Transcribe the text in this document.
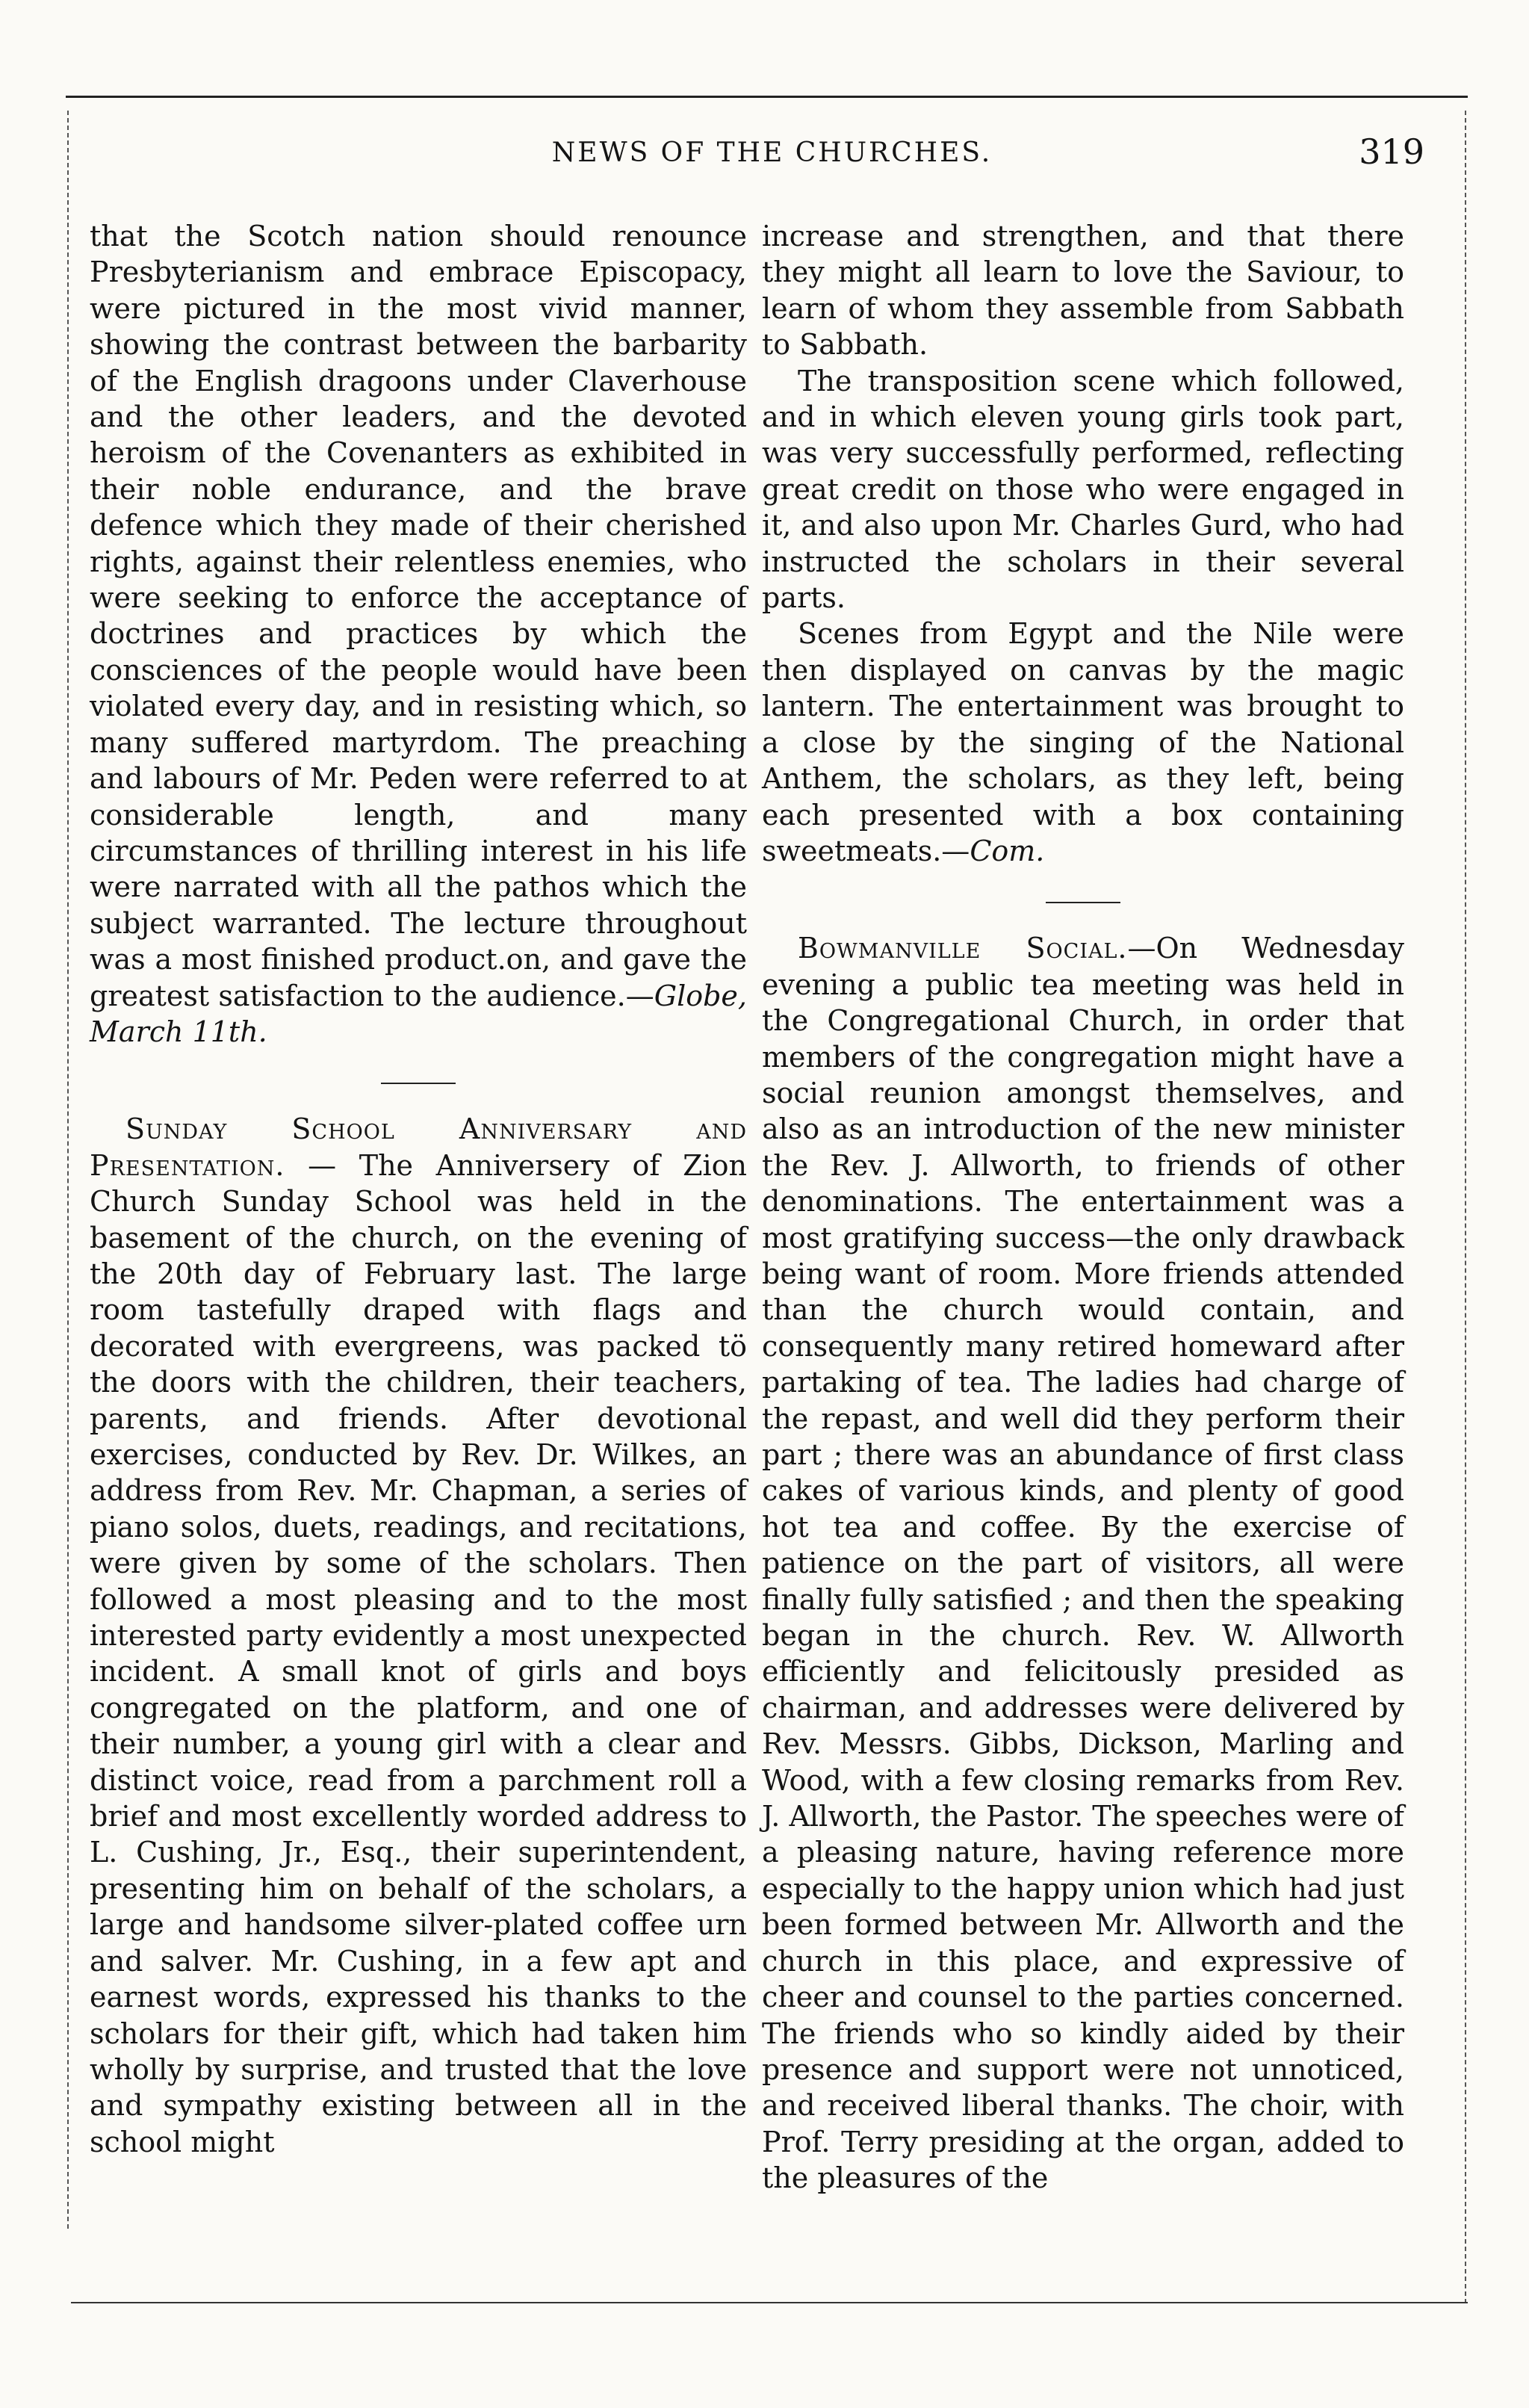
NEWS OF THE CHURCHES.	319

that the Scotch nation should renounce Presbyterianism and embrace Episcopacy, were pictured in the most vivid manner, showing the contrast between the barbarity of the English dragoons under Claverhouse and the other leaders, and the devoted heroism of the Covenanters as exhibited in their noble endurance, and the brave defence which they made of their cherished rights, against their relentless enemies, who were seeking to enforce the acceptance of doctrines and practices by which the consciences of the people would have been violated every day, and in resisting which, so many suffered martyrdom. The preaching and labours of Mr. Peden were referred to at considerable length, and many circumstances of thrilling interest in his life were narrated with all the pathos which the subject warranted. The lecture throughout was a most finished product.on, and gave the greatest satisfaction to the audience.—Globe, March 11th.

Sunday School Anniversary and Presentation. — The Anniversery of Zion Church Sunday School was held in the basement of the church, on the evening of the 20th day of February last. The large room tastefully draped with flags and decorated with evergreens, was packed tö the doors with the children, their teachers, parents, and friends. After devotional exercises, conducted by Rev. Dr. Wilkes, an address from Rev. Mr. Chapman, a series of piano solos, duets, readings, and recitations, were given by some of the scholars. Then followed a most pleasing and to the most interested party evidently a most unexpected incident. A small knot of girls and boys congregated on the platform, and one of their number, a young girl with a clear and distinct voice, read from a parchment roll a brief and most excellently worded address to L. Cushing, Jr., Esq., their superintendent, presenting him on behalf of the scholars, a large and handsome silver-plated coffee urn and salver. Mr. Cushing, in a few apt and earnest words, expressed his thanks to the scholars for their gift, which had taken him wholly by surprise, and trusted that the love and sympathy existing between all in the school might

increase and strengthen, and that there they might all learn to love the Saviour, to learn of whom they assemble from Sabbath to Sabbath.

The transposition scene which followed, and in which eleven young girls took part, was very successfully performed, reflecting great credit on those who were engaged in it, and also upon Mr. Charles Gurd, who had instructed the scholars in their several parts.

Scenes from Egypt and the Nile were then displayed on canvas by the magic lantern. The entertainment was brought to a close by the singing of the National Anthem, the scholars, as they left, being each presented with a box containing sweetmeats.—Com.

Bowmanville Social.—On Wednesday evening a public tea meeting was held in the Congregational Church, in order that members of the congregation might have a social reunion amongst themselves, and also as an introduction of the new minister the Rev. J. Allworth, to friends of other denominations. The entertainment was a most gratifying success—the only drawback being want of room. More friends attended than the church would contain, and consequently many retired homeward after partaking of tea. The ladies had charge of the repast, and well did they perform their part ; there was an abundance of first class cakes of various kinds, and plenty of good hot tea and coffee. By the exercise of patience on the part of visitors, all were finally fully satisfied ; and then the speaking began in the church. Rev. W. Allworth efficiently and felicitously presided as chairman, and addresses were delivered by Rev. Messrs. Gibbs, Dickson, Marling and Wood, with a few closing remarks from Rev. J. Allworth, the Pastor. The speeches were of a pleasing nature, having reference more especially to the happy union which had just been formed between Mr. Allworth and the church in this place, and expressive of cheer and counsel to the parties concerned. The friends who so kindly aided by their presence and support were not unnoticed, and received liberal thanks. The choir, with Prof. Terry presiding at the organ, added to the pleasures of the
